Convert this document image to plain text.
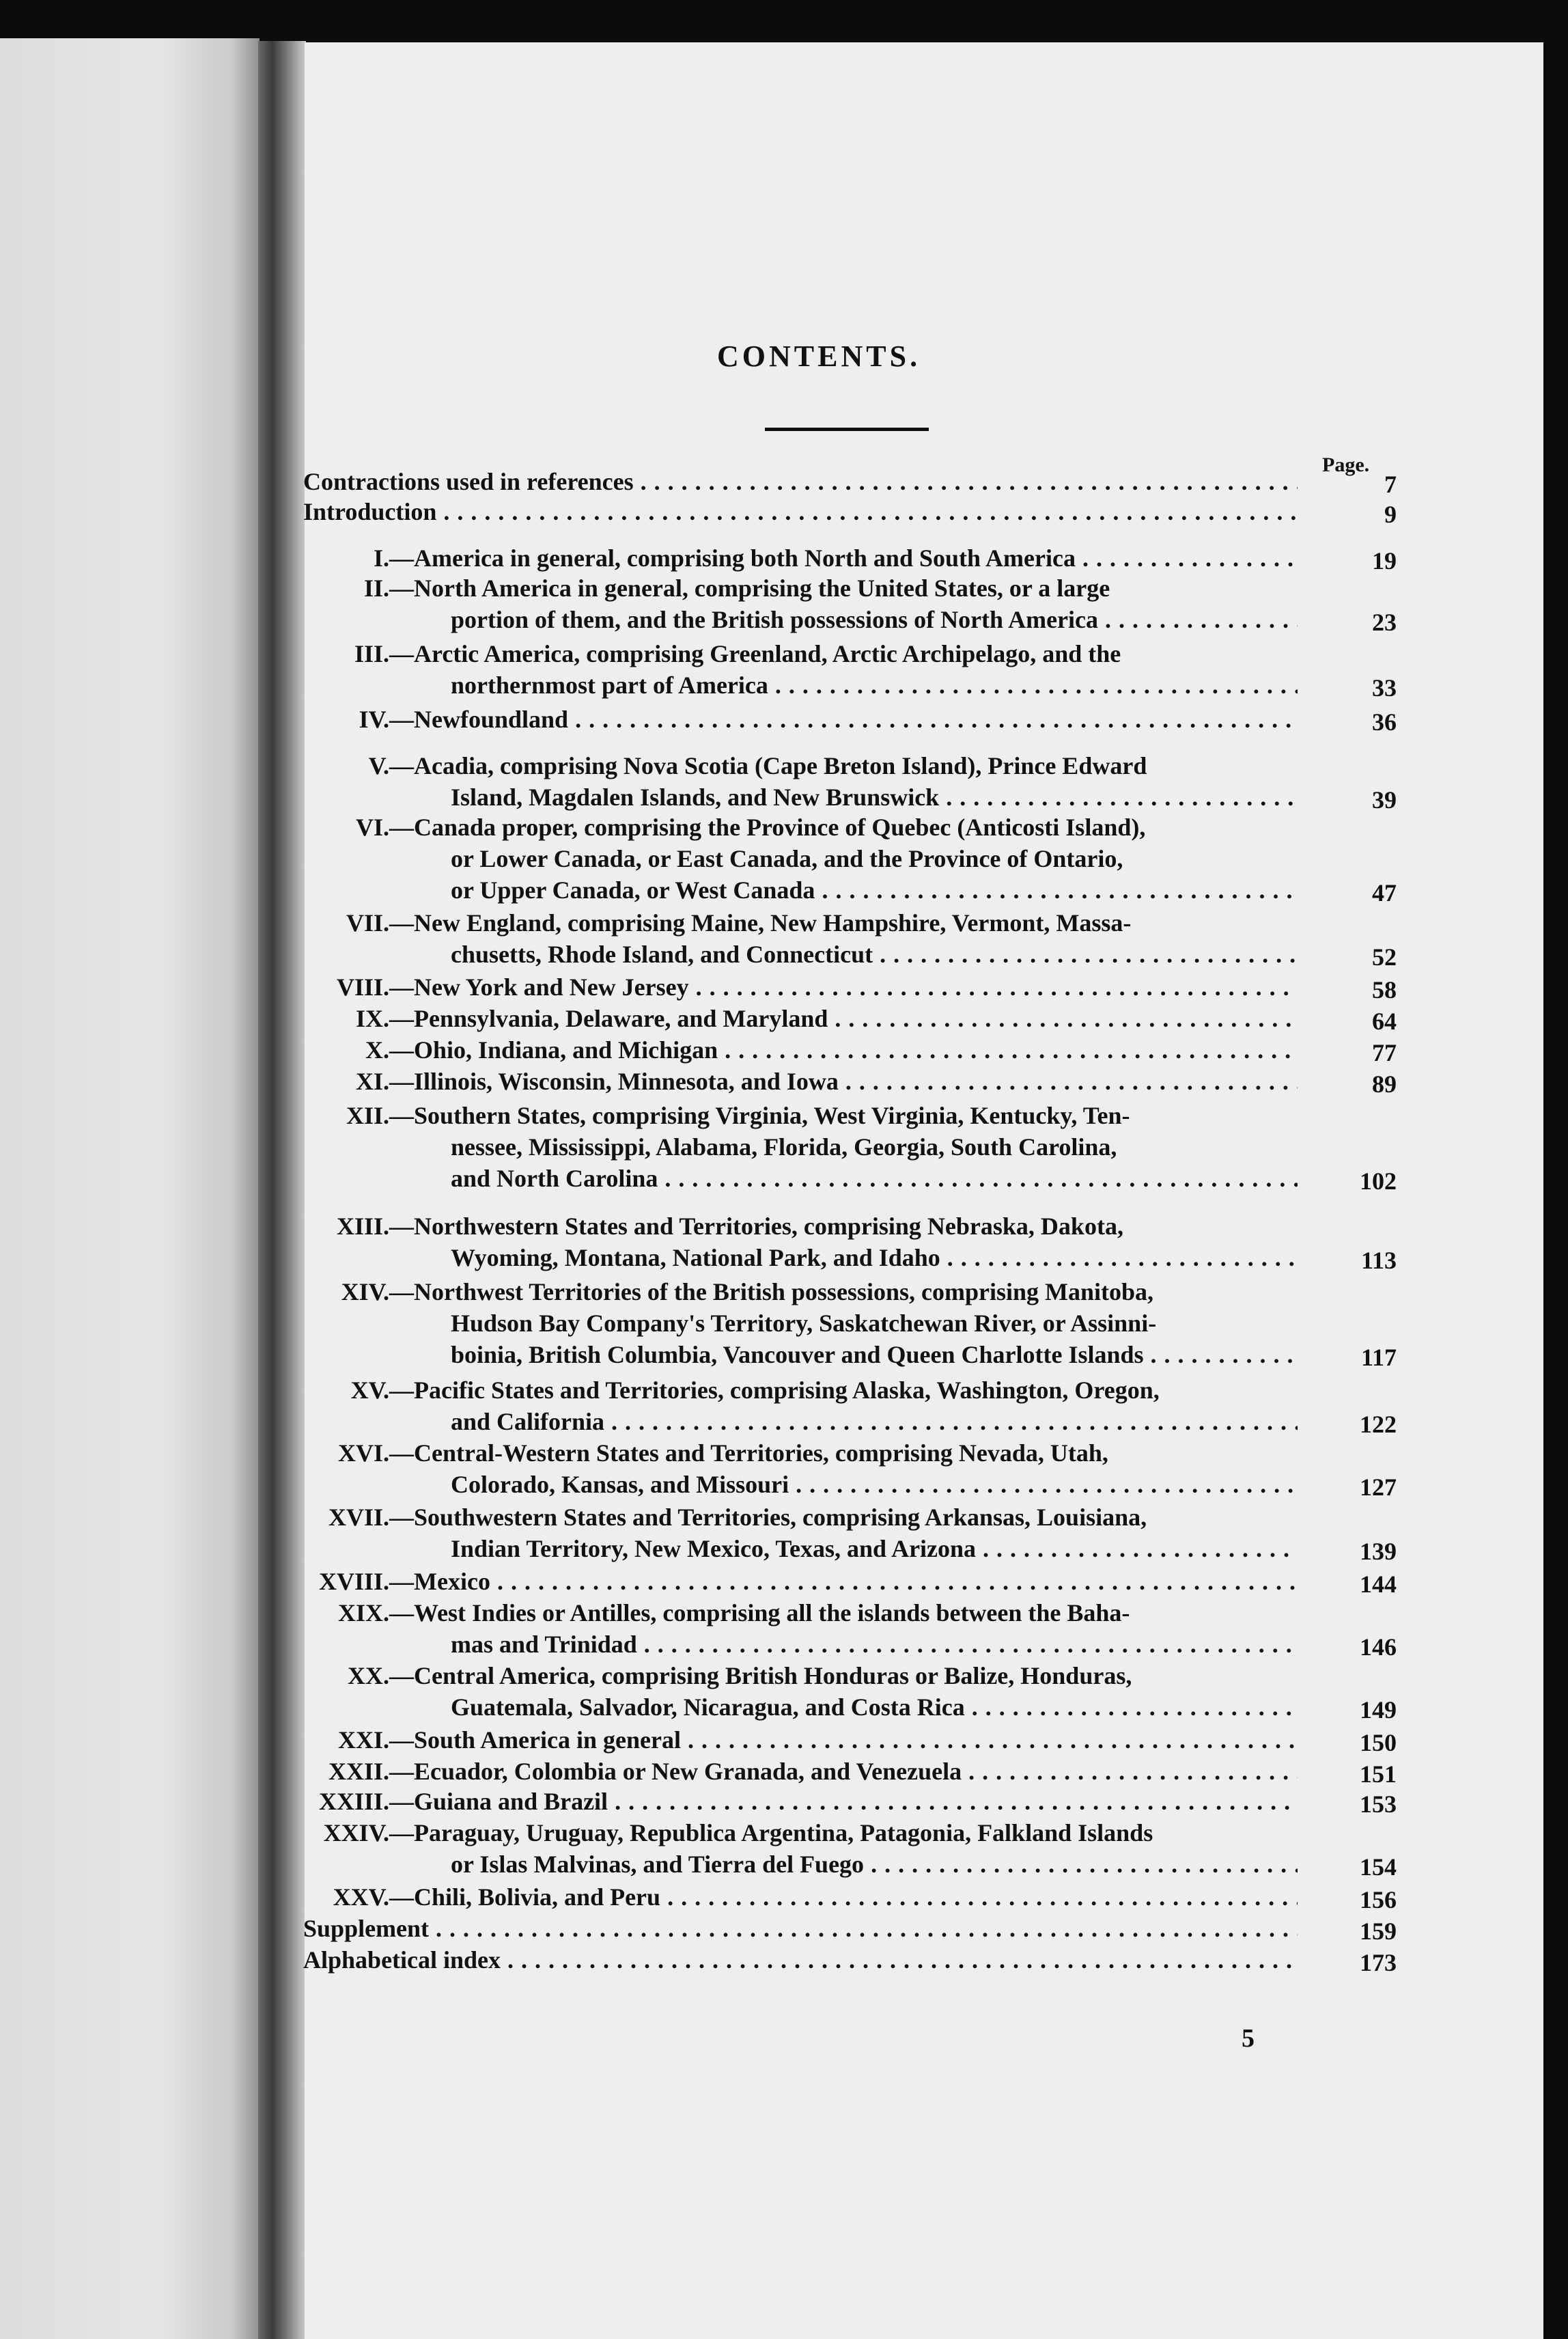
CONTENTS.
Page.
Contractions used in references . . .	7
Introduction . . .	9
I. —America in general, comprising both North and South America . . .	19
II. —North America in general, comprising the United States, or a large
portion of them, and the British possessions of North America . . .	23
III. —Arctic America, comprising Greenland, Arctic Archipelago, and the
northernmost part of America . . .	33
IV. —Newfoundland . . .	36
V. —Acadia, comprising Nova Scotia (Cape Breton Island), Prince Edward
Island, Magdalen Islands, and New Brunswick . . .	39
VI. —Canada proper, comprising the Province of Quebec (Anticosti Island),
or Lower Canada, or East Canada, and the Province of Ontario,
or Upper Canada, or West Canada . . .	47
VII. —New England, comprising Maine, New Hampshire, Vermont, Massa-
chusetts, Rhode Island, and Connecticut . . .	52
VIII. —New York and New Jersey . . .	58
IX. —Pennsylvania, Delaware, and Maryland . . .	64
X. —Ohio, Indiana, and Michigan . . .	77
XI. —Illinois, Wisconsin, Minnesota, and Iowa . . .	89
XII. —Southern States, comprising Virginia, West Virginia, Kentucky, Ten-
nessee, Mississippi, Alabama, Florida, Georgia, South Carolina,
and North Carolina . . .	102
XIII. —Northwestern States and Territories, comprising Nebraska, Dakota,
Wyoming, Montana, National Park, and Idaho . . .	113
XIV. —Northwest Territories of the British possessions, comprising Manitoba,
Hudson Bay Company's Territory, Saskatchewan River, or Assinni-
boinia, British Columbia, Vancouver and Queen Charlotte Islands . . .	117
XV. —Pacific States and Territories, comprising Alaska, Washington, Oregon,
and California . . .	122
XVI. —Central-Western States and Territories, comprising Nevada, Utah,
Colorado, Kansas, and Missouri . . .	127
XVII. —Southwestern States and Territories, comprising Arkansas, Louisiana,
Indian Territory, New Mexico, Texas, and Arizona . . .	139
XVIII. —Mexico . . .	144
XIX. —West Indies or Antilles, comprising all the islands between the Baha-
mas and Trinidad . . .	146
XX. —Central America, comprising British Honduras or Balize, Honduras,
Guatemala, Salvador, Nicaragua, and Costa Rica . . .	149
XXI. —South America in general . . .	150
XXII. —Ecuador, Colombia or New Granada, and Venezuela . . .	151
XXIII. —Guiana and Brazil . . .	153
XXIV. —Paraguay, Uruguay, Republica Argentina, Patagonia, Falkland Islands
or Islas Malvinas, and Tierra del Fuego . . .	154
XXV. —Chili, Bolivia, and Peru . . .	156
Supplement . . .	159
Alphabetical index . . .	173
5
